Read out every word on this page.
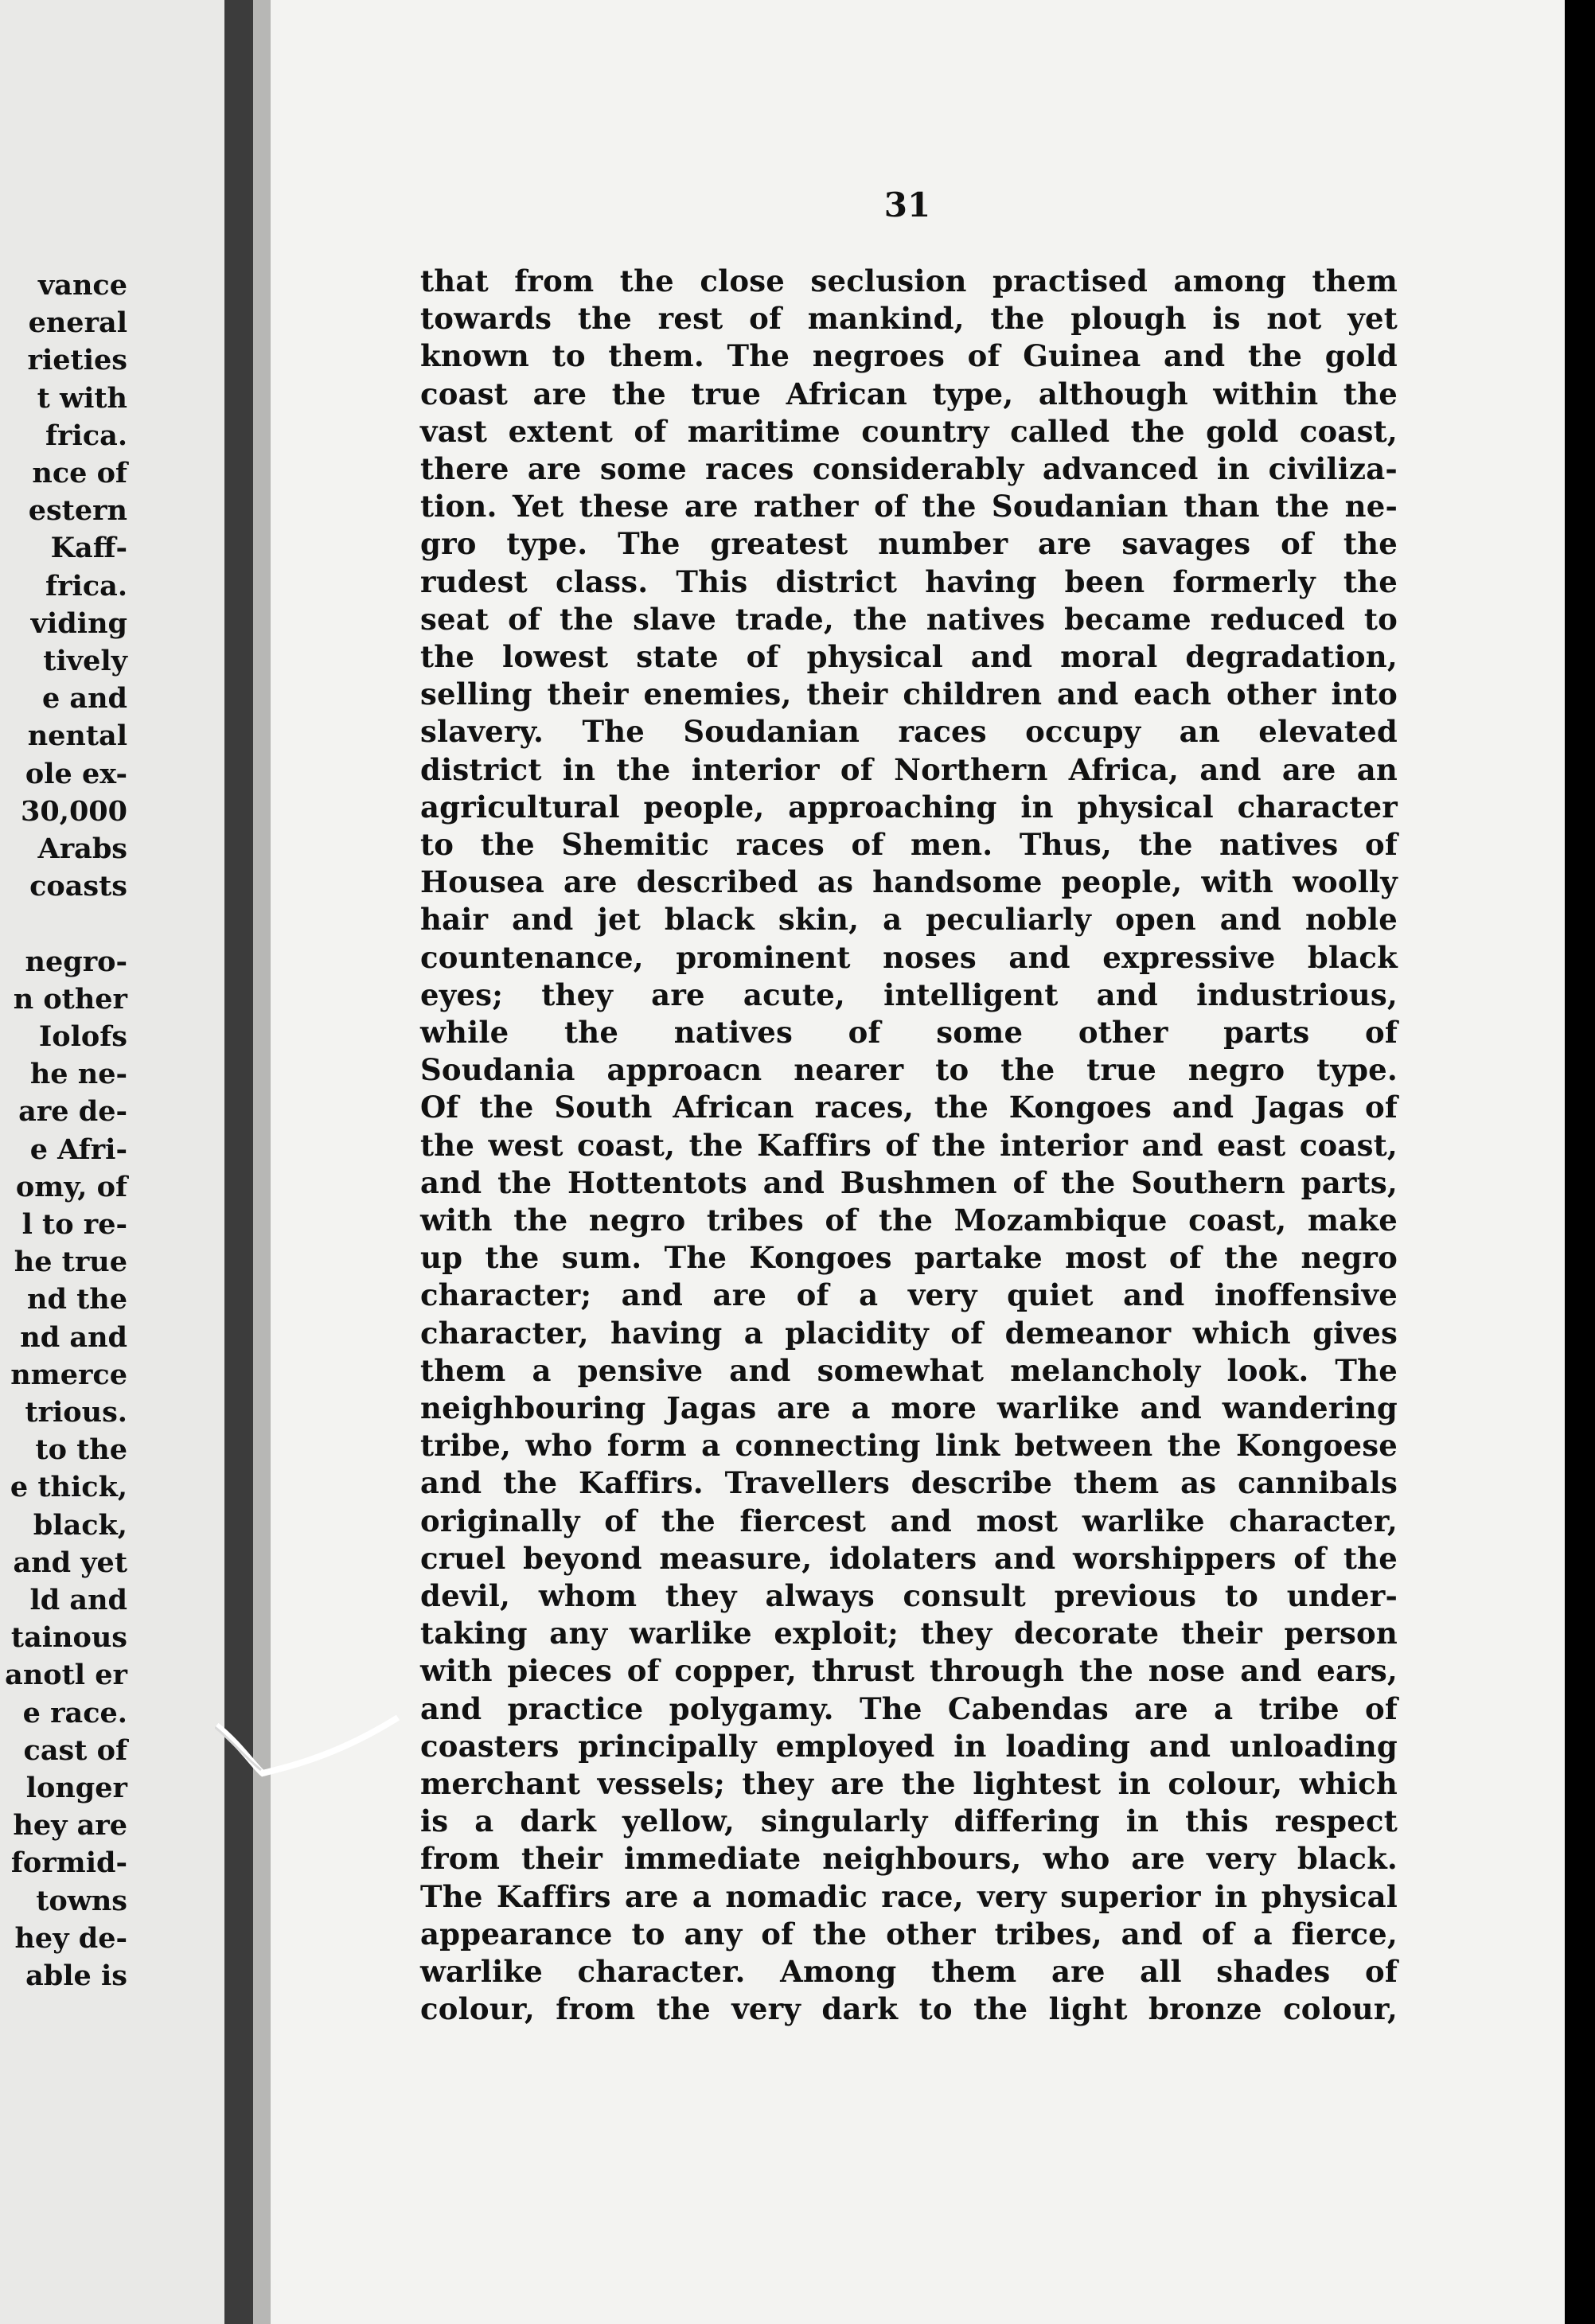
vance
eneral
rieties
t with
frica.
nce of
estern
Kaff-
frica.
viding
tively
e and
nental
ole ex-
30,000
Arabs
coasts
negro-
n other
Iolofs
he ne-
are de-
e Afri-
omy, of
l to re-
he true
nd the
nd and
nmerce
trious.
to the
e thick,
black,
and yet
ld and
tainous
anotl er
e race.
cast of
longer
hey are
formid-
towns
hey de-
able is
31
that from the close seclusion practised among them
towards the rest of mankind, the plough is not yet
known to them. The negroes of Guinea and the gold
coast are the true African type, although within the
vast extent of maritime country called the gold coast,
there are some races considerably advanced in civiliza-
tion. Yet these are rather of the Soudanian than the ne-
gro type. The greatest number are savages of the
rudest class. This district having been formerly the
seat of the slave trade, the natives became reduced to
the lowest state of physical and moral degradation,
selling their enemies, their children and each other into
slavery. The Soudanian races occupy an elevated
district in the interior of Northern Africa, and are an
agricultural people, approaching in physical character
to the Shemitic races of men. Thus, the natives of
Housea are described as handsome people, with woolly
hair and jet black skin, a peculiarly open and noble
countenance, prominent noses and expressive black
eyes; they are acute, intelligent and industrious,
while the natives of some other parts of
Soudania approacn nearer to the true negro type.
Of the South African races, the Kongoes and Jagas of
the west coast, the Kaffirs of the interior and east coast,
and the Hottentots and Bushmen of the Southern parts,
with the negro tribes of the Mozambique coast, make
up the sum. The Kongoes partake most of the negro
character; and are of a very quiet and inoffensive
character, having a placidity of demeanor which gives
them a pensive and somewhat melancholy look. The
neighbouring Jagas are a more warlike and wandering
tribe, who form a connecting link between the Kongoese
and the Kaffirs. Travellers describe them as cannibals
originally of the fiercest and most warlike character,
cruel beyond measure, idolaters and worshippers of the
devil, whom they always consult previous to under-
taking any warlike exploit; they decorate their person
with pieces of copper, thrust through the nose and ears,
and practice polygamy. The Cabendas are a tribe of
coasters principally employed in loading and unloading
merchant vessels; they are the lightest in colour, which
is a dark yellow, singularly differing in this respect
from their immediate neighbours, who are very black.
The Kaffirs are a nomadic race, very superior in physical
appearance to any of the other tribes, and of a fierce,
warlike character. Among them are all shades of
colour, from the very dark to the light bronze colour,
